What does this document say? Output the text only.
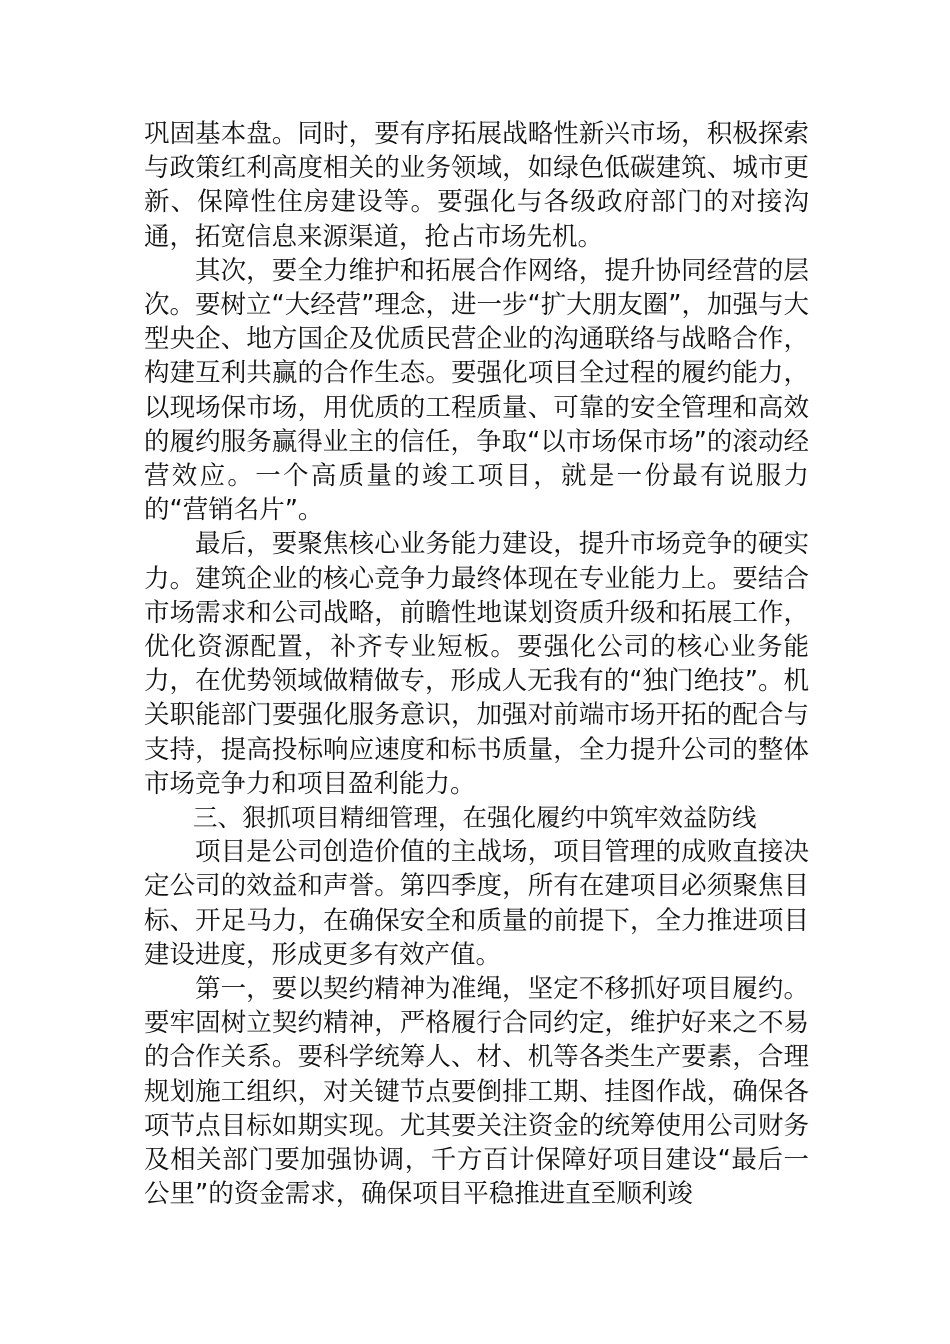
巩固基本盘。同时，要有序拓展战略性新兴市场，积极探索与政策红利高度相关的业务领域，如绿色低碳建筑、城市更新、保障性住房建设等。要强化与各级政府部门的对接沟通，拓宽信息来源渠道，抢占市场先机。

其次，要全力维护和拓展合作网络，提升协同经营的层次。要树立“大经营”理念，进一步“扩大朋友圈”，加强与大型央企、地方国企及优质民营企业的沟通联络与战略合作，构建互利共赢的合作生态。要强化项目全过程的履约能力，以现场保市场，用优质的工程质量、可靠的安全管理和高效的履约服务赢得业主的信任，争取“以市场保市场”的滚动经营效应。一个高质量的竣工项目，就是一份最有说服力的“营销名片”。

最后，要聚焦核心业务能力建设，提升市场竞争的硬实力。建筑企业的核心竞争力最终体现在专业能力上。要结合市场需求和公司战略，前瞻性地谋划资质升级和拓展工作，优化资源配置，补齐专业短板。要强化公司的核心业务能力，在优势领域做精做专，形成人无我有的“独门绝技”。机关职能部门要强化服务意识，加强对前端市场开拓的配合与支持，提高投标响应速度和标书质量，全力提升公司的整体市场竞争力和项目盈利能力。

三、狠抓项目精细管理，在强化履约中筑牢效益防线

项目是公司创造价值的主战场，项目管理的成败直接决定公司的效益和声誉。第四季度，所有在建项目必须聚焦目标、开足马力，在确保安全和质量的前提下，全力推进项目建设进度，形成更多有效产值。

第一，要以契约精神为准绳，坚定不移抓好项目履约。要牢固树立契约精神，严格履行合同约定，维护好来之不易的合作关系。要科学统筹人、材、机等各类生产要素，合理规划施工组织，对关键节点要倒排工期、挂图作战，确保各项节点目标如期实现。尤其要关注资金的统筹使用公司财务及相关部门要加强协调，千方百计保障好项目建设“最后一公里”的资金需求，确保项目平稳推进直至顺利竣
